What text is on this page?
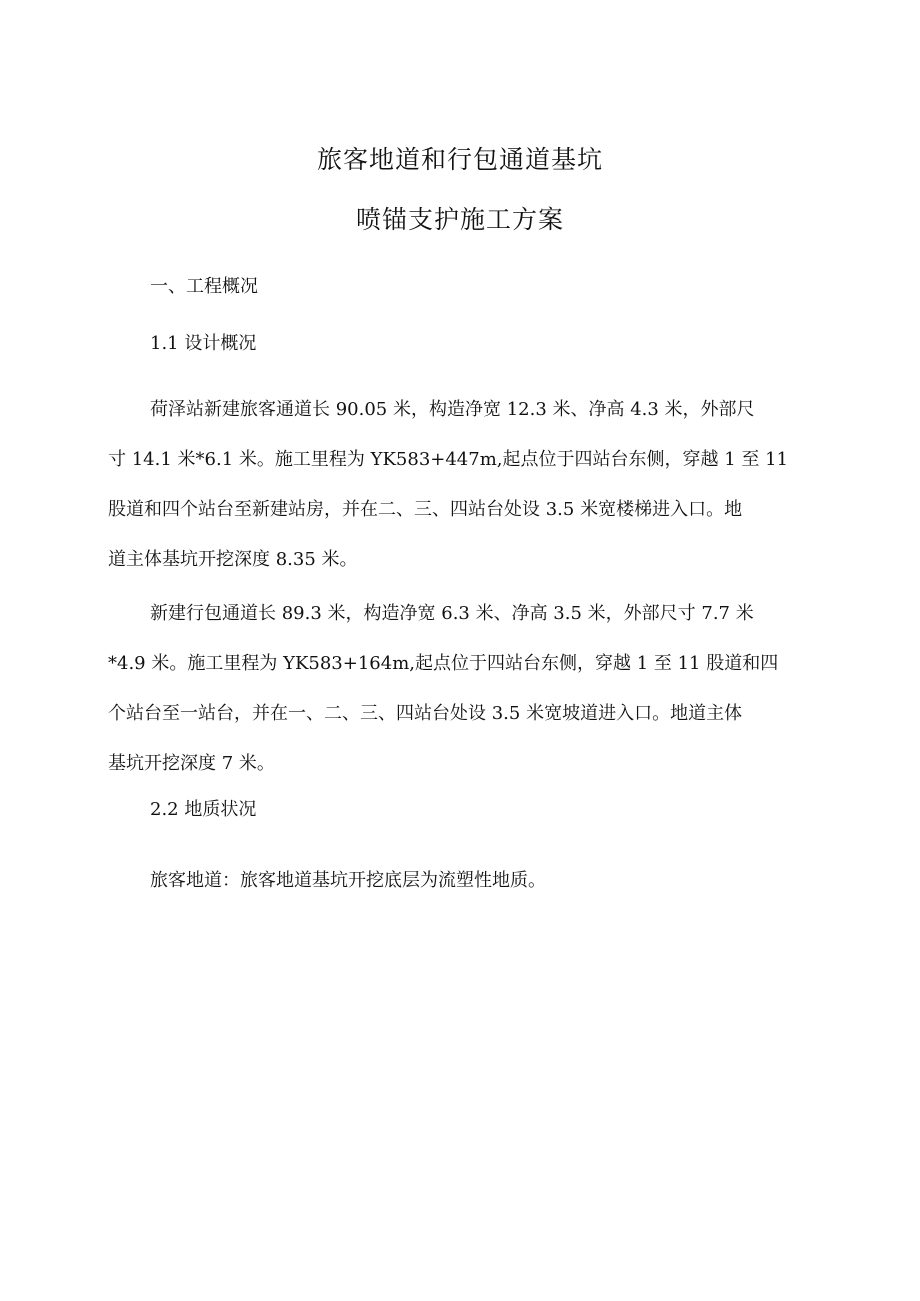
旅客地道和行包通道基坑
喷锚支护施工方案
一、工程概况
1.1 设计概况

荷泽站新建旅客通道长 90.05 米，构造净宽 12.3 米、净高 4.3 米，外部尺
寸 14.1 米*6.1 米。施工里程为 YK583+447m,起点位于四站台东侧，穿越 1 至 11
股道和四个站台至新建站房，并在二、三、四站台处设 3.5 米宽楼梯进入口。地
道主体基坑开挖深度 8.35 米。

新建行包通道长 89.3 米，构造净宽 6.3 米、净高 3.5 米，外部尺寸 7.7 米
*4.9 米。施工里程为 YK583+164m,起点位于四站台东侧，穿越 1 至 11 股道和四
个站台至一站台，并在一、二、三、四站台处设 3.5 米宽坡道进入口。地道主体
基坑开挖深度 7 米。

2.2 地质状况

旅客地道：旅客地道基坑开挖底层为流塑性地质。
